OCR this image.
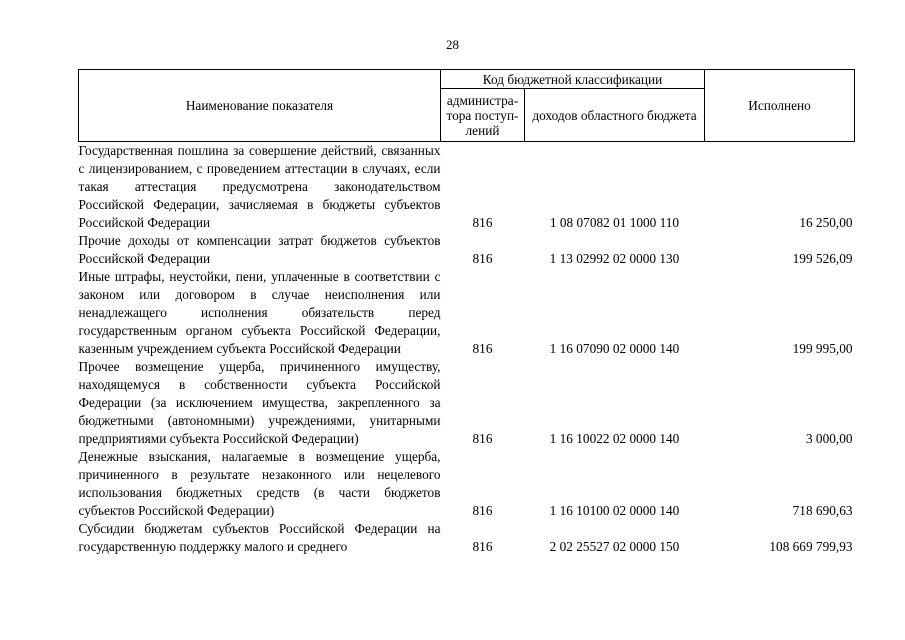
28
Наименование показателя	Код бюджетной классификации		Исполнено
	администра-тора поступ-лений	доходов областного бюджета	
Государственная пошлина за совершение действий, связанных с лицензированием, с проведением аттестации в случаях, если такая аттестация предусмотрена законодательством Российской Федерации, зачисляемая в бюджеты субъектов Российской Федерации	816	1 08 07082 01 1000 110	16 250,00
Прочие доходы от компенсации затрат бюджетов субъектов Российской Федерации	816	1 13 02992 02 0000 130	199 526,09
Иные штрафы, неустойки, пени, уплаченные в соответствии с законом или договором в случае неисполнения или ненадлежащего исполнения обязательств перед государственным органом субъекта Российской Федерации, казенным учреждением субъекта Российской Федерации	816	1 16 07090 02 0000 140	199 995,00
Прочее возмещение ущерба, причиненного имуществу, находящемуся в собственности субъекта Российской Федерации (за исключением имущества, закрепленного за бюджетными (автономными) учреждениями, унитарными предприятиями субъекта Российской Федерации)	816	1 16 10022 02 0000 140	3 000,00
Денежные взыскания, налагаемые в возмещение ущерба, причиненного в результате незаконного или нецелевого использования бюджетных средств (в части бюджетов субъектов Российской Федерации)	816	1 16 10100 02 0000 140	718 690,63
Субсидии бюджетам субъектов Российской Федерации на государственную поддержку малого и среднего	816	2 02 25527 02 0000 150	108 669 799,93
